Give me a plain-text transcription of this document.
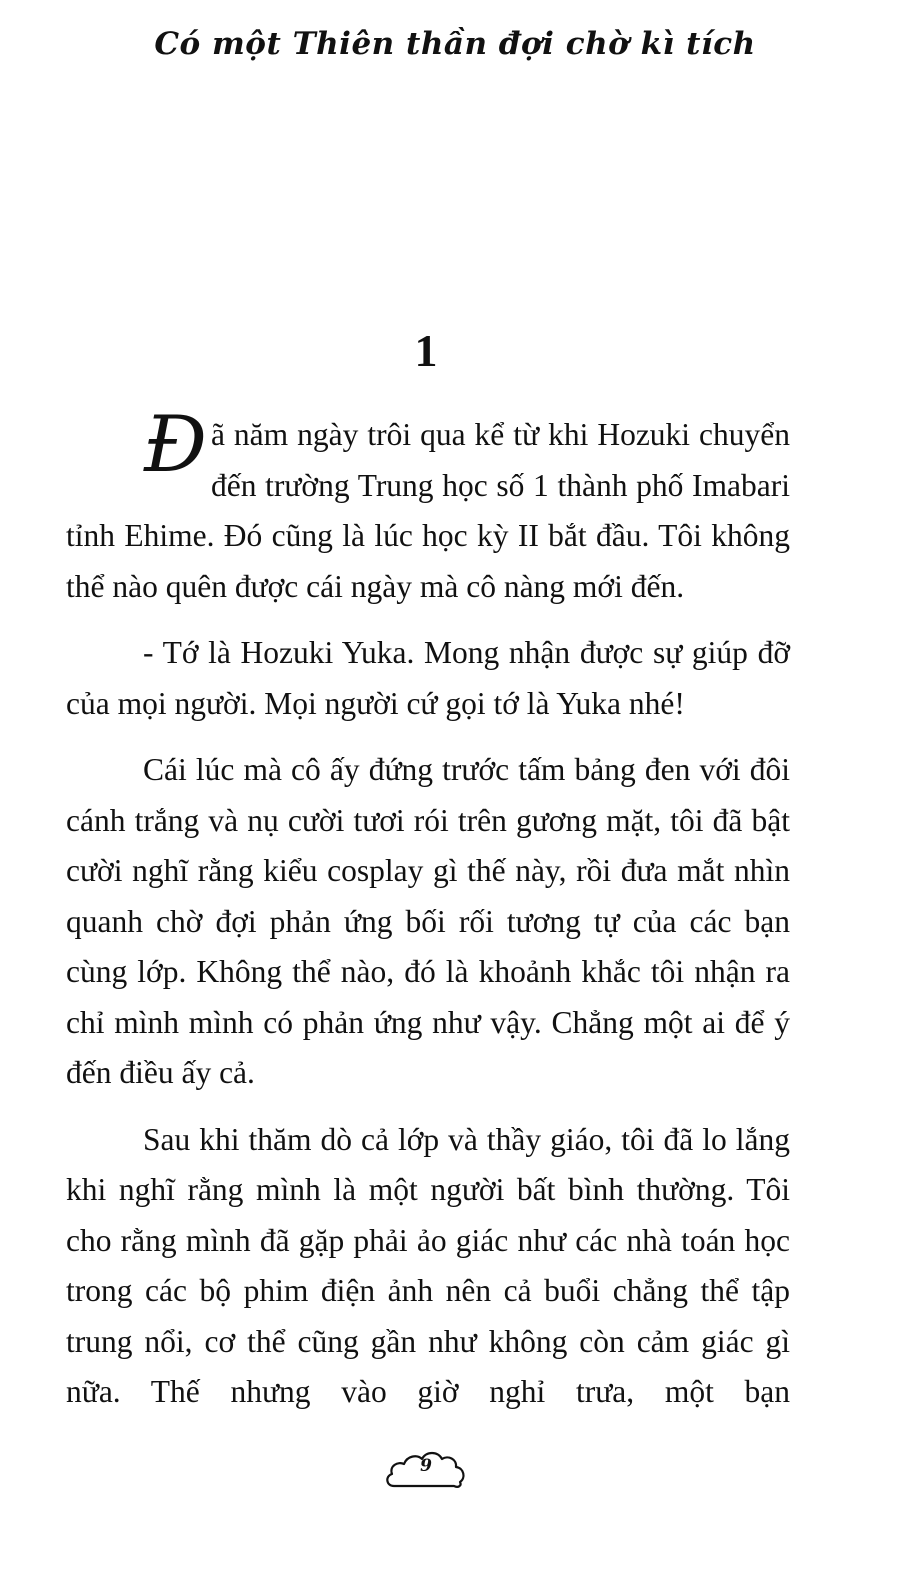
Có một Thiên thần đợi chờ kì tích
1

Đã năm ngày trôi qua kể từ khi Hozuki chuyển đến trường Trung học số 1 thành phố Imabari tỉnh Ehime. Đó cũng là lúc học kỳ II bắt đầu. Tôi không thể nào quên được cái ngày mà cô nàng mới đến.

- Tớ là Hozuki Yuka. Mong nhận được sự giúp đỡ của mọi người. Mọi người cứ gọi tớ là Yuka nhé!

Cái lúc mà cô ấy đứng trước tấm bảng đen với đôi cánh trắng và nụ cười tươi rói trên gương mặt, tôi đã bật cười nghĩ rằng kiểu cosplay gì thế này, rồi đưa mắt nhìn quanh chờ đợi phản ứng bối rối tương tự của các bạn cùng lớp. Không thể nào, đó là khoảnh khắc tôi nhận ra chỉ mình mình có phản ứng như vậy. Chẳng một ai để ý đến điều ấy cả.

Sau khi thăm dò cả lớp và thầy giáo, tôi đã lo lắng khi nghĩ rằng mình là một người bất bình thường. Tôi cho rằng mình đã gặp phải ảo giác như các nhà toán học trong các bộ phim điện ảnh nên cả buổi chẳng thể tập trung nổi, cơ thể cũng gần như không còn cảm giác gì nữa. Thế nhưng vào giờ nghỉ trưa, một bạn

9
